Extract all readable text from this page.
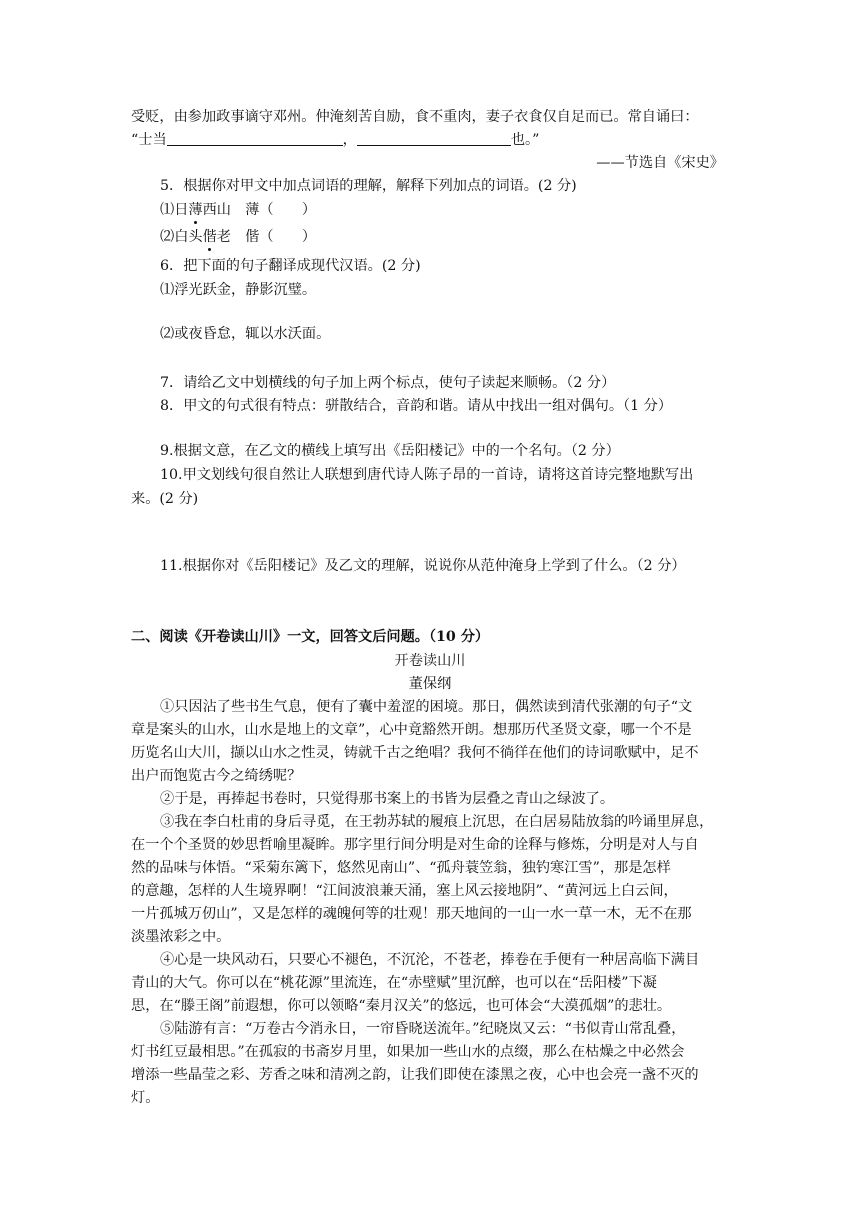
受贬，由参加政事谪守邓州。仲淹刻苦自励，食不重肉，妻子衣食仅自足而已。常自诵曰：
“士当	，	也。”
——节选自《宋史》
5．根据你对甲文中加点词语的理解，解释下列加点的词语。(2 分)
⑴日薄西山　薄（　　）
⑵白头偕老　偕（　　）
6．把下面的句子翻译成现代汉语。(2 分)
⑴浮光跃金，静影沉璧。
⑵或夜昏怠，辄以水沃面。
7．请给乙文中划横线的句子加上两个标点，使句子读起来顺畅。（2 分）
8．甲文的句式很有特点：骈散结合，音韵和谐。请从中找出一组对偶句。（1 分）
9.根据文意，在乙文的横线上填写出《岳阳楼记》中的一个名句。（2 分）
10.甲文划线句很自然让人联想到唐代诗人陈子昂的一首诗，请将这首诗完整地默写出
来。(2 分)
11.根据你对《岳阳楼记》及乙文的理解，说说你从范仲淹身上学到了什么。（2 分）
二、阅读《开卷读山川》一文，回答文后问题。（10 分）
开卷读山川
董保纲
①只因沾了些书生气息，便有了囊中羞涩的困境。那日，偶然读到清代张潮的句子“文
章是案头的山水，山水是地上的文章”，心中竟豁然开朗。想那历代圣贤文豪，哪一个不是
历览名山大川，撷以山水之性灵，铸就千古之绝唱？我何不徜徉在他们的诗词歌赋中，足不
出户而饱览古今之绮绣呢？
②于是，再捧起书卷时，只觉得那书案上的书皆为层叠之青山之绿波了。
③我在李白杜甫的身后寻觅，在王勃苏轼的履痕上沉思，在白居易陆放翁的吟诵里屏息，
在一个个圣贤的妙思哲喻里凝眸。那字里行间分明是对生命的诠释与修炼，分明是对人与自
然的品味与体悟。“采菊东篱下，悠然见南山”、“孤舟蓑笠翁，独钓寒江雪”，那是怎样
的意趣，怎样的人生境界啊！“江间波浪兼天涌，塞上风云接地阴”、“黄河远上白云间，
一片孤城万仞山”，又是怎样的魂魄何等的壮观！那天地间的一山一水一草一木，无不在那
淡墨浓彩之中。
④心是一块风动石，只要心不褪色，不沉沦，不苍老，捧卷在手便有一种居高临下满目
青山的大气。你可以在“桃花源”里流连，在“赤壁赋”里沉醉，也可以在“岳阳楼”下凝
思，在“滕王阁”前遐想，你可以领略“秦月汉关”的悠远，也可体会“大漠孤烟”的悲壮。
⑤陆游有言：“万卷古今消永日，一帘昏晓送流年。”纪晓岚又云：“书似青山常乱叠，
灯书红豆最相思。”在孤寂的书斋岁月里，如果加一些山水的点缀，那么在枯燥之中必然会
增添一些晶莹之彩、芳香之味和清冽之韵，让我们即使在漆黑之夜，心中也会亮一盏不灭的
灯。
